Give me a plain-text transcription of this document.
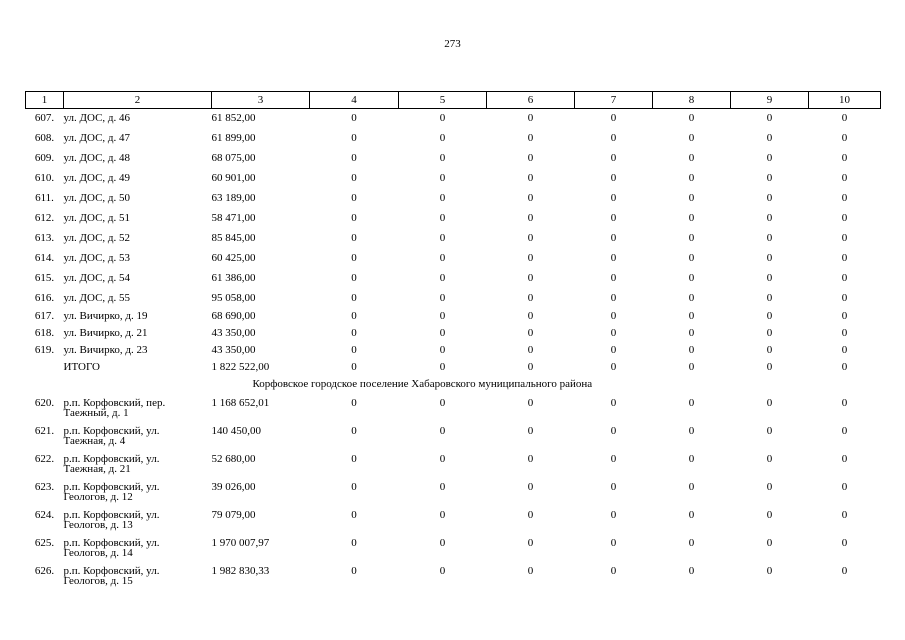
273
1	2	3	4	5	6	7	8	9	10
607.	ул. ДОС, д. 46	61 852,00	0	0	0	0	0	0	0
608.	ул. ДОС, д. 47	61 899,00	0	0	0	0	0	0	0
609.	ул. ДОС, д. 48	68 075,00	0	0	0	0	0	0	0
610.	ул. ДОС, д. 49	60 901,00	0	0	0	0	0	0	0
611.	ул. ДОС, д. 50	63 189,00	0	0	0	0	0	0	0
612.	ул. ДОС, д. 51	58 471,00	0	0	0	0	0	0	0
613.	ул. ДОС, д. 52	85 845,00	0	0	0	0	0	0	0
614.	ул. ДОС, д. 53	60 425,00	0	0	0	0	0	0	0
615.	ул. ДОС, д. 54	61 386,00	0	0	0	0	0	0	0
616.	ул. ДОС, д. 55	95 058,00	0	0	0	0	0	0	0
617.	ул. Вичирко, д. 19	68 690,00	0	0	0	0	0	0	0
618.	ул. Вичирко, д. 21	43 350,00	0	0	0	0	0	0	0
619.	ул. Вичирко, д. 23	43 350,00	0	0	0	0	0	0	0
	ИТОГО	1 822 522,00	0	0	0	0	0	0	0
Корфовское городское поселение Хабаровского муниципального района									
620.	р.п. Корфовский, пер.
Таежный, д. 1	1 168 652,01	0	0	0	0	0	0	0
621.	р.п. Корфовский, ул.
Таежная, д. 4	140 450,00	0	0	0	0	0	0	0
622.	р.п. Корфовский, ул.
Таежная, д. 21	52 680,00	0	0	0	0	0	0	0
623.	р.п. Корфовский, ул.
Геологов, д. 12	39 026,00	0	0	0	0	0	0	0
624.	р.п. Корфовский, ул.
Геологов, д. 13	79 079,00	0	0	0	0	0	0	0
625.	р.п. Корфовский, ул.
Геологов, д. 14	1 970 007,97	0	0	0	0	0	0	0
626.	р.п. Корфовский, ул.
Геологов, д. 15	1 982 830,33	0	0	0	0	0	0	0
